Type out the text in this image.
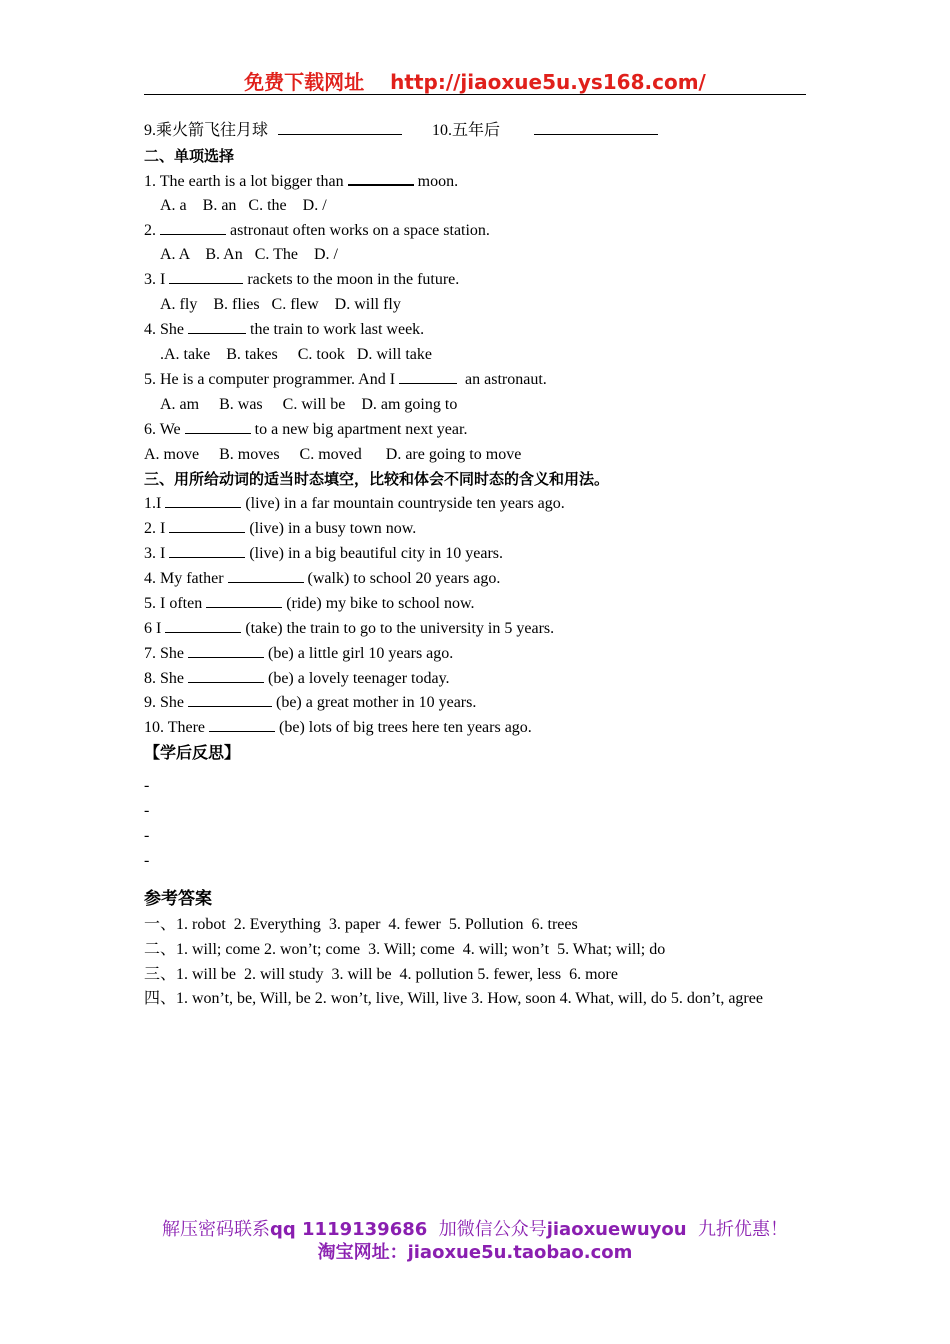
免费下载网址 http://jiaoxue5u.ys168.com/
9.乘火箭飞往月球	10.五年后
二、单项选择
1. The earth is a lot bigger than	moon.
A. a    B. an   C. the    D. /
2.	astronaut often works on a space station.
A. A    B. An   C. The    D. /
3. I	rackets to the moon in the future.
A. fly    B. flies   C. flew    D. will fly
4. She	the train to work last week.
.A. take    B. takes     C. took   D. will take
5. He is a computer programmer. And I	an astronaut.
A. am     B. was     C. will be    D. am going to
6. We	to a new big apartment next year.
A. move     B. moves     C. moved      D. are going to move
三、用所给动词的适当时态填空，比较和体会不同时态的含义和用法。
1.I	(live) in a far mountain countryside ten years ago.
2. I	(live) in a busy town now.
3. I	(live) in a big beautiful city in 10 years.
4. My father	(walk) to school 20 years ago.
5. I often	(ride) my bike to school now.
6 I	(take) the train to go to the university in 5 years.
7. She	(be) a little girl 10 years ago.
8. She	(be) a lovely teenager today.
9. She	(be) a great mother in 10 years.
10. There	(be) lots of big trees here ten years ago.
【学后反思】
-
-
-
-
参考答案
一、1. robot  2. Everything  3. paper  4. fewer  5. Pollution  6. trees
二、1. will; come 2. won’t; come  3. Will; come  4. will; won’t  5. What; will; do
三、1. will be  2. will study  3. will be  4. pollution 5. fewer, less  6. more
四、1. won’t, be, Will, be 2. won’t, live, Will, live 3. How, soon 4. What, will, do 5. don’t, agree
解压密码联系qq 1119139686 加微信公众号jiaoxuewuyou 九折优惠！
淘宝网址：jiaoxue5u.taobao.com
